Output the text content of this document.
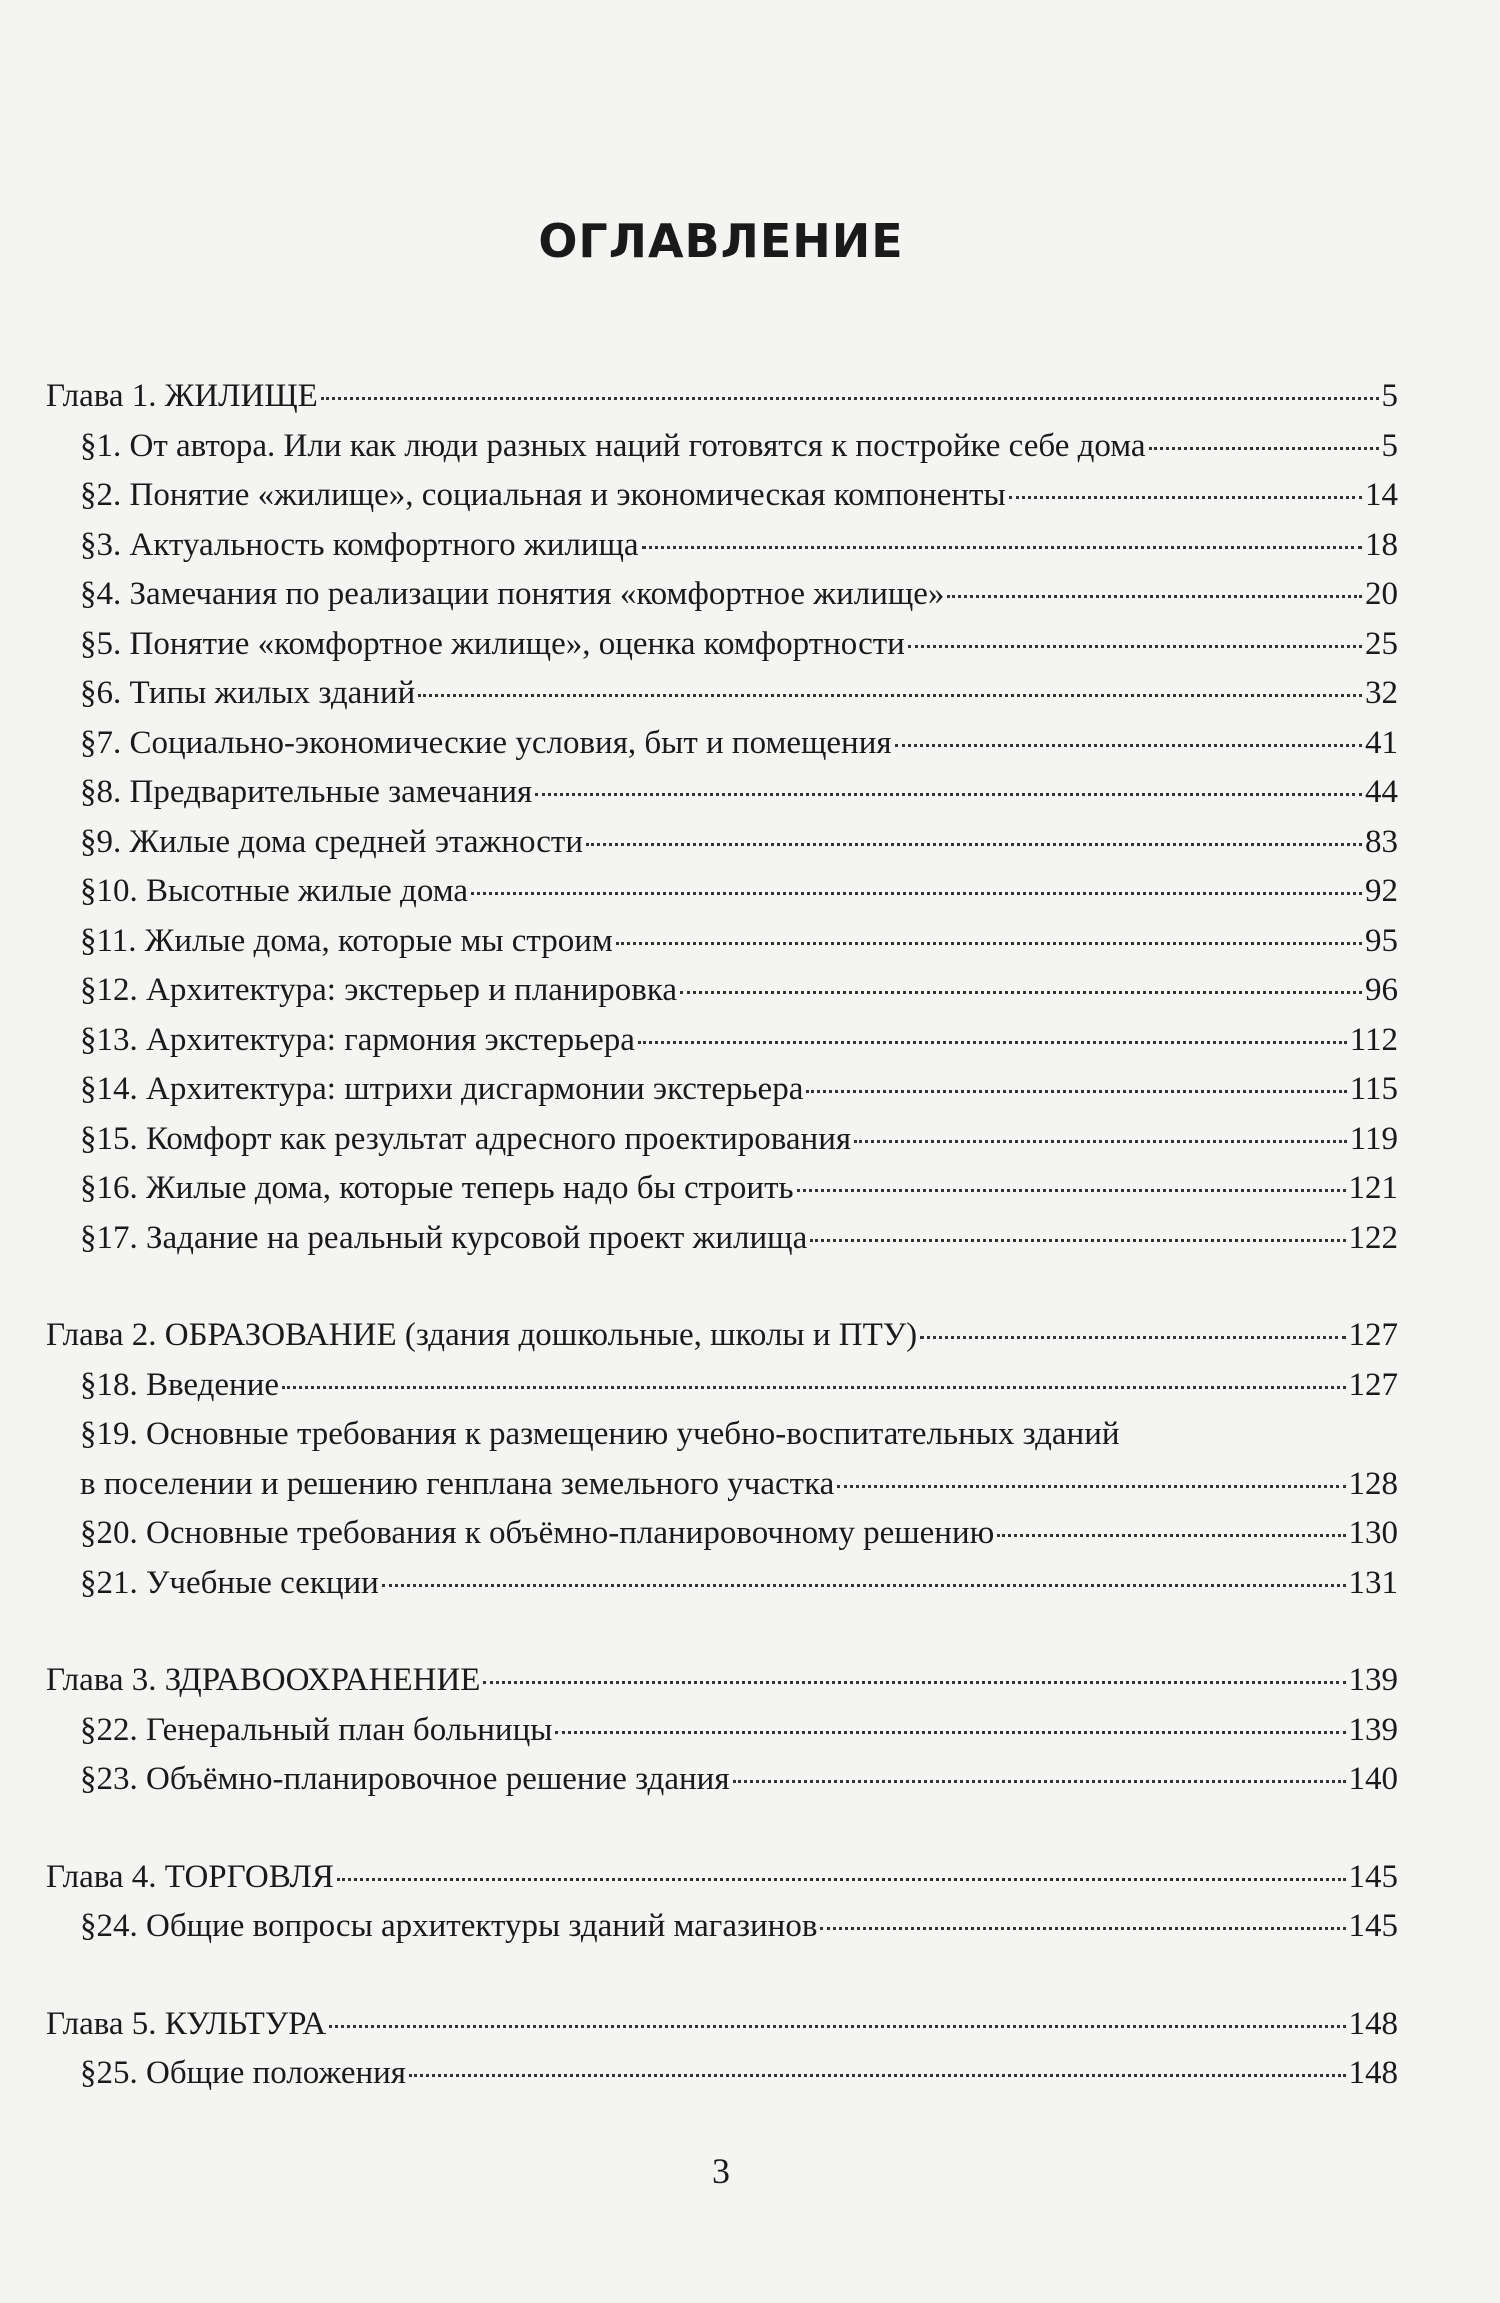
ОГЛАВЛЕНИЕ
Глава 1. ЖИЛИЩЕ	5
§1. От автора. Или как люди разных наций готовятся к постройке себе дома	5
§2. Понятие «жилище», социальная и экономическая компоненты	14
§3. Актуальность комфортного жилища	18
§4. Замечания по реализации понятия «комфортное жилище»	20
§5. Понятие «комфортное жилище», оценка комфортности	25
§6. Типы жилых зданий	32
§7. Социально-экономические условия, быт и помещения	41
§8. Предварительные замечания	44
§9. Жилые дома средней этажности	83
§10. Высотные жилые дома	92
§11. Жилые дома, которые мы строим	95
§12. Архитектура: экстерьер и планировка	96
§13. Архитектура: гармония экстерьера	112
§14. Архитектура: штрихи дисгармонии экстерьера	115
§15. Комфорт как результат адресного проектирования	119
§16. Жилые дома, которые теперь надо бы строить	121
§17. Задание на реальный курсовой проект жилища	122
Глава 2. ОБРАЗОВАНИЕ (здания дошкольные, школы и ПТУ)	127
§18. Введение	127
§19. Основные требования к размещению учебно-воспитательных зданий
в поселении и решению генплана земельного участка	128
§20. Основные требования к объёмно-планировочному решению	130
§21. Учебные секции	131
Глава 3. ЗДРАВООХРАНЕНИЕ	139
§22. Генеральный план больницы	139
§23. Объёмно-планировочное решение здания	140
Глава 4. ТОРГОВЛЯ	145
§24. Общие вопросы архитектуры зданий магазинов	145
Глава 5. КУЛЬТУРА	148
§25. Общие положения	148
3
